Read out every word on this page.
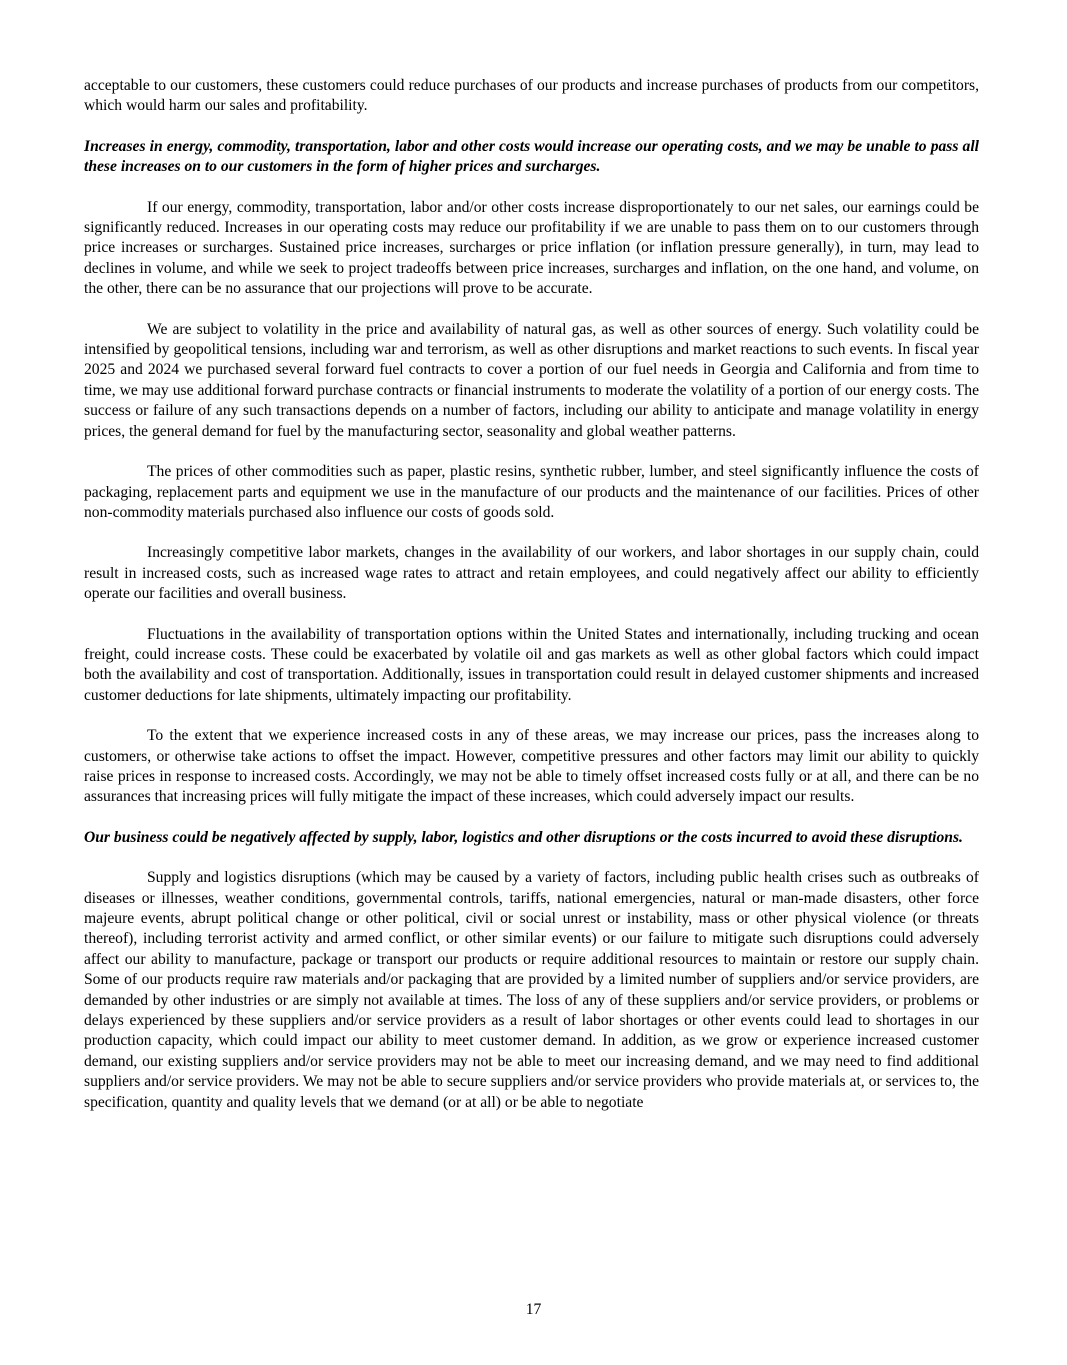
acceptable to our customers, these customers could reduce purchases of our products and increase purchases of products from our competitors, which would harm our sales and profitability.

Increases in energy, commodity, transportation, labor and other costs would increase our operating costs, and we may be unable to pass all these increases on to our customers in the form of higher prices and surcharges.

If our energy, commodity, transportation, labor and/or other costs increase disproportionately to our net sales, our earnings could be significantly reduced. Increases in our operating costs may reduce our profitability if we are unable to pass them on to our customers through price increases or surcharges. Sustained price increases, surcharges or price inflation (or inflation pressure generally), in turn, may lead to declines in volume, and while we seek to project tradeoffs between price increases, surcharges and inflation, on the one hand, and volume, on the other, there can be no assurance that our projections will prove to be accurate.

We are subject to volatility in the price and availability of natural gas, as well as other sources of energy. Such volatility could be intensified by geopolitical tensions, including war and terrorism, as well as other disruptions and market reactions to such events. In fiscal year 2025 and 2024 we purchased several forward fuel contracts to cover a portion of our fuel needs in Georgia and California and from time to time, we may use additional forward purchase contracts or financial instruments to moderate the volatility of a portion of our energy costs. The success or failure of any such transactions depends on a number of factors, including our ability to anticipate and manage volatility in energy prices, the general demand for fuel by the manufacturing sector, seasonality and global weather patterns.

The prices of other commodities such as paper, plastic resins, synthetic rubber, lumber, and steel significantly influence the costs of packaging, replacement parts and equipment we use in the manufacture of our products and the maintenance of our facilities. Prices of other non-commodity materials purchased also influence our costs of goods sold.

Increasingly competitive labor markets, changes in the availability of our workers, and labor shortages in our supply chain, could result in increased costs, such as increased wage rates to attract and retain employees, and could negatively affect our ability to efficiently operate our facilities and overall business.

Fluctuations in the availability of transportation options within the United States and internationally, including trucking and ocean freight, could increase costs. These could be exacerbated by volatile oil and gas markets as well as other global factors which could impact both the availability and cost of transportation. Additionally, issues in transportation could result in delayed customer shipments and increased customer deductions for late shipments, ultimately impacting our profitability.

To the extent that we experience increased costs in any of these areas, we may increase our prices, pass the increases along to customers, or otherwise take actions to offset the impact. However, competitive pressures and other factors may limit our ability to quickly raise prices in response to increased costs. Accordingly, we may not be able to timely offset increased costs fully or at all, and there can be no assurances that increasing prices will fully mitigate the impact of these increases, which could adversely impact our results.

Our business could be negatively affected by supply, labor, logistics and other disruptions or the costs incurred to avoid these disruptions.

Supply and logistics disruptions (which may be caused by a variety of factors, including public health crises such as outbreaks of diseases or illnesses, weather conditions, governmental controls, tariffs, national emergencies, natural or man-made disasters, other force majeure events, abrupt political change or other political, civil or social unrest or instability, mass or other physical violence (or threats thereof), including terrorist activity and armed conflict, or other similar events) or our failure to mitigate such disruptions could adversely affect our ability to manufacture, package or transport our products or require additional resources to maintain or restore our supply chain. Some of our products require raw materials and/or packaging that are provided by a limited number of suppliers and/or service providers, are demanded by other industries or are simply not available at times. The loss of any of these suppliers and/or service providers, or problems or delays experienced by these suppliers and/or service providers as a result of labor shortages or other events could lead to shortages in our production capacity, which could impact our ability to meet customer demand. In addition, as we grow or experience increased customer demand, our existing suppliers and/or service providers may not be able to meet our increasing demand, and we may need to find additional suppliers and/or service providers. We may not be able to secure suppliers and/or service providers who provide materials at, or services to, the specification, quantity and quality levels that we demand (or at all) or be able to negotiate

17
